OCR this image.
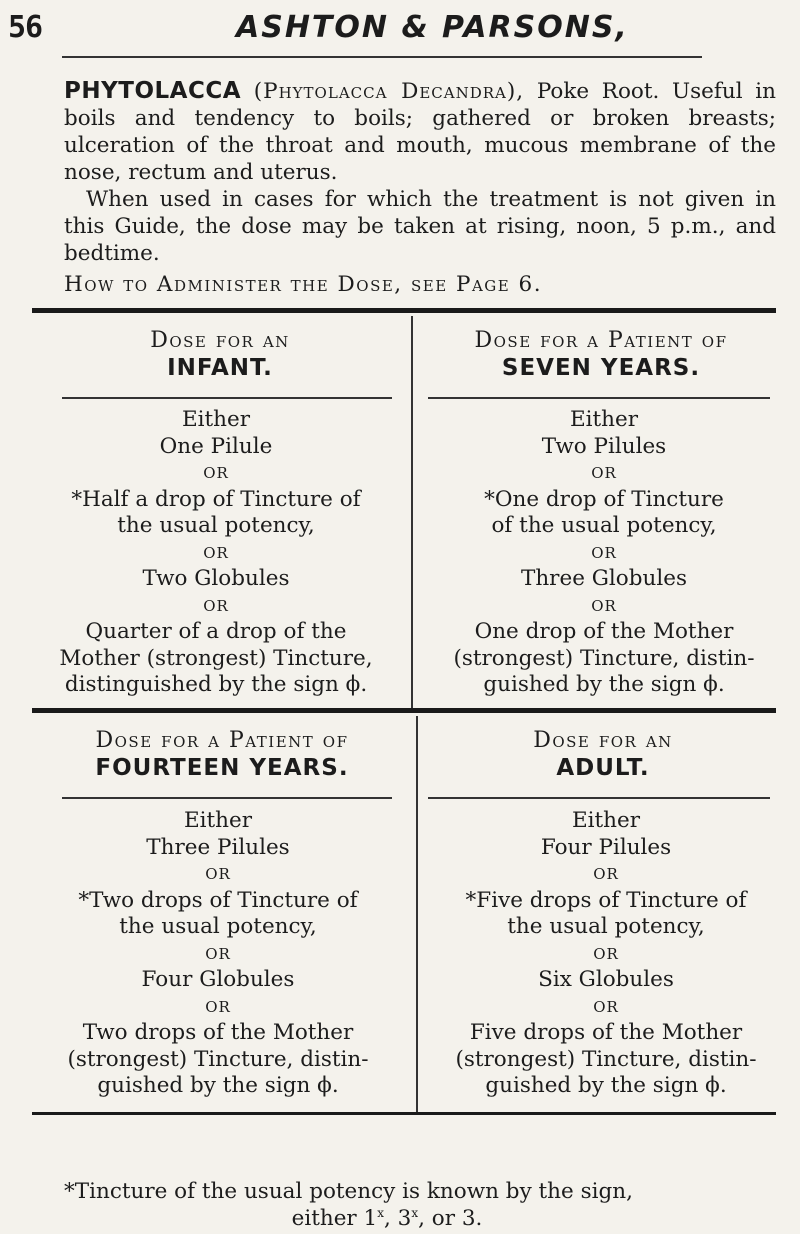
56	ASHTON & PARSONS,

PHYTOLACCA (Phytolacca Decandra), Poke Root. Useful in boils and tendency to boils; gathered or broken breasts; ulceration of the throat and mouth, mucous membrane of the nose, rectum and uterus.

When used in cases for which the treatment is not given in this Guide, the dose may be taken at rising, noon, 5 p.m., and bedtime.

How to Administer the Dose, see Page 6.

Dose for an
INFANT.
Either
One Pilule
OR
*Half a drop of Tincture of
the usual potency,
OR
Two Globules
OR
Quarter of a drop of the
Mother (strongest) Tincture,
distinguished by the sign ϕ.
Dose for a Patient of
SEVEN YEARS.
Either
Two Pilules
OR
*One drop of Tincture
of the usual potency,
OR
Three Globules
OR
One drop of the Mother
(strongest) Tincture, distin-
guished by the sign ϕ.
Dose for a Patient of
FOURTEEN YEARS.
Either
Three Pilules
OR
*Two drops of Tincture of
the usual potency,
OR
Four Globules
OR
Two drops of the Mother
(strongest) Tincture, distin-
guished by the sign ϕ.
Dose for an
ADULT.
Either
Four Pilules
OR
*Five drops of Tincture of
the usual potency,
OR
Six Globules
OR
Five drops of the Mother
(strongest) Tincture, distin-
guished by the sign ϕ.
*Tincture of the usual potency is known by the sign,
either 1$^x$, 3$^x$, or 3.
